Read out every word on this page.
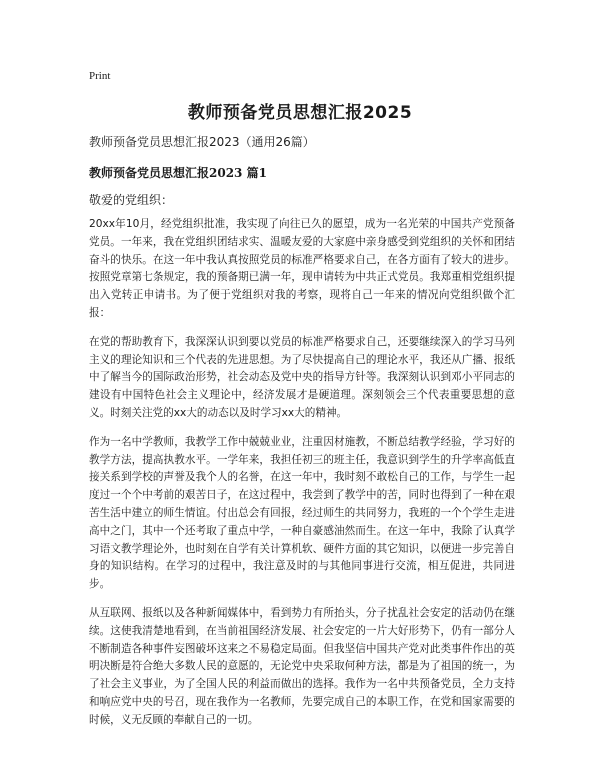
Print
教师预备党员思想汇报2025
教师预备党员思想汇报2023（通用26篇）
教师预备党员思想汇报2023 篇1
敬爱的党组织：

20xx年10月，经党组织批准，我实现了向往已久的愿望，成为一名光荣的中国共产党预备党员。一年来，我在党组织团结求实、温暖友爱的大家庭中亲身感受到党组织的关怀和团结奋斗的快乐。在这一年中我认真按照党员的标准严格要求自己，在各方面有了较大的进步。按照党章第七条规定，我的预备期已满一年，现申请转为中共正式党员。我郑重相党组织提出入党转正申请书。为了便于党组织对我的考察，现将自己一年来的情况向党组织做个汇报：

在党的帮助教育下，我深深认识到要以党员的标准严格要求自己，还要继续深入的学习马列主义的理论知识和三个代表的先进思想。为了尽快提高自己的理论水平，我还从广播、报纸中了解当今的国际政治形势，社会动态及党中央的指导方针等。我深刻认识到邓小平同志的建设有中国特色社会主义理论中，经济发展才是硬道理。深刻领会三个代表重要思想的意义。时刻关注党的xx大的动态以及时学习xx大的精神。

作为一名中学教师，我教学工作中兢兢业业，注重因材施教，不断总结教学经验，学习好的教学方法，提高执教水平。一学年来，我担任初三的班主任，我意识到学生的升学率高低直接关系到学校的声誉及我个人的名誉，在这一年中，我时刻不敢松自己的工作，与学生一起度过一个个中考前的艰苦日子，在这过程中，我尝到了教学中的苦，同时也得到了一种在艰苦生活中建立的师生情谊。付出总会有回报，经过师生的共同努力，我班的一个个学生走进高中之门，其中一个还考取了重点中学，一种自豪感油然而生。在这一年中，我除了认真学习语文教学理论外，也时刻在自学有关计算机软、硬件方面的其它知识，以便进一步完善自身的知识结构。在学习的过程中，我注意及时的与其他同事进行交流，相互促进，共同进步。

从互联网、报纸以及各种新闻媒体中，看到势力有所抬头，分子扰乱社会安定的活动仍在继续。这使我清楚地看到，在当前祖国经济发展、社会安定的一片大好形势下，仍有一部分人不断制造各种事件妄图破坏这来之不易稳定局面。但我坚信中国共产党对此类事件作出的英明决断是符合绝大多数人民的意愿的，无论党中央采取何种方法，都是为了祖国的统一，为了社会主义事业，为了全国人民的利益而做出的选择。我作为一名中共预备党员，全力支持和响应党中央的号召，现在我作为一名教师，先要完成自己的本职工作，在党和国家需要的时候，义无反顾的奉献自己的一切。
